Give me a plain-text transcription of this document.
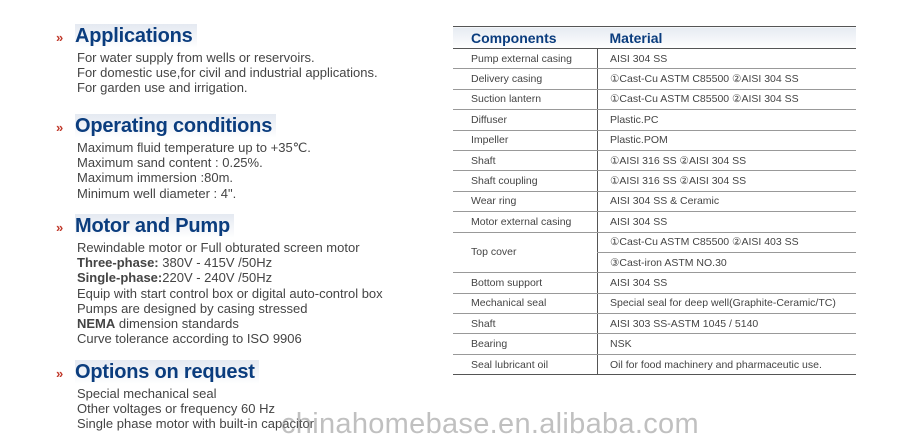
» Applications
For water supply from wells or reservoirs.
For domestic use,for civil and industrial applications.
For garden use and irrigation.
» Operating conditions
Maximum fluid temperature up to +35℃.
Maximum sand content : 0.25%.
Maximum immersion :80m.
Minimum well diameter : 4".
» Motor and Pump
Rewindable motor or Full obturated screen motor
Three-phase: 380V - 415V /50Hz
Single-phase:220V - 240V /50Hz
Equip with start control box or digital auto-control box
Pumps are designed by casing stressed
NEMA dimension standards
Curve tolerance according to ISO 9906
» Options on request
Special mechanical seal
Other voltages or frequency 60 Hz
Single phase motor with built-in capacitor
Components	Material
Pump external casing	AISI 304 SS
Delivery casing	①Cast-Cu ASTM C85500 ②AISI 304 SS
Suction lantern	①Cast-Cu ASTM C85500 ②AISI 304 SS
Diffuser	Plastic.PC
Impeller	Plastic.POM
Shaft	①AISI 316 SS ②AISI 304 SS
Shaft coupling	①AISI 316 SS ②AISI 304 SS
Wear ring	AISI 304 SS & Ceramic
Motor external casing	AISI 304 SS
Top cover	①Cast-Cu ASTM C85500 ②AISI 403 SS
	③Cast-iron ASTM NO.30
Bottom support	AISI 304 SS
Mechanical seal	Special seal for deep well(Graphite-Ceramic/TC)
Shaft	AISI 303 SS-ASTM 1045 / 5140
Bearing	NSK
Seal lubricant oil	Oil for food machinery and pharmaceutic use.
chinahomebase.en.alibaba.com
